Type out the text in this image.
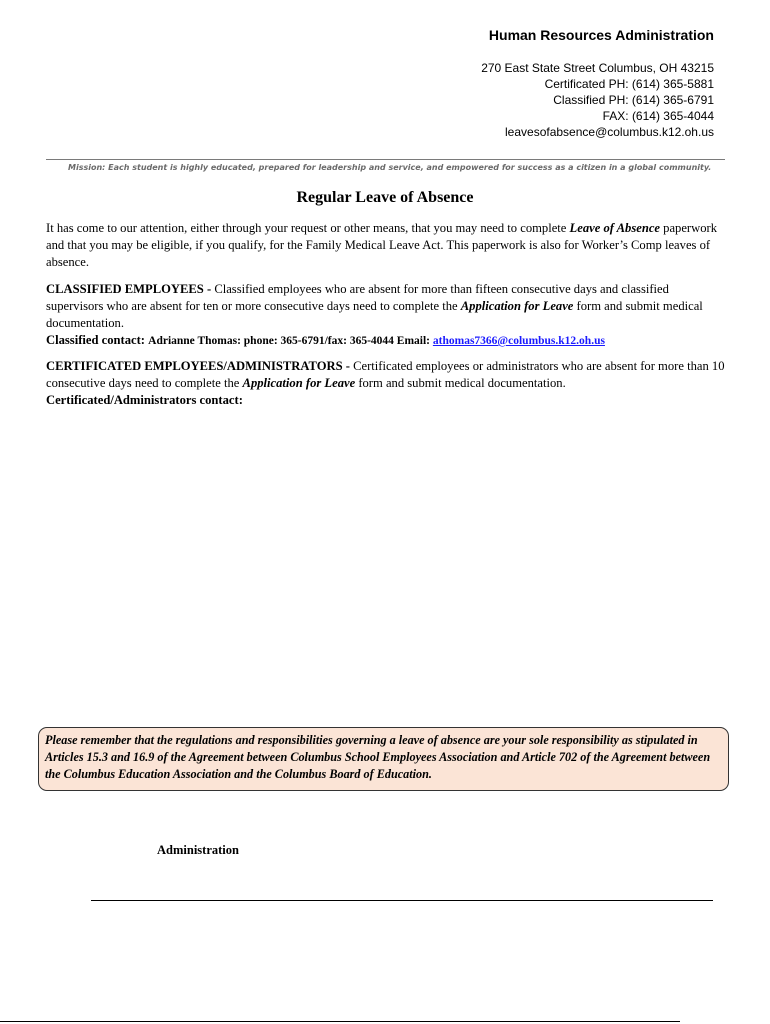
Human Resources Administration
270 East State Street Columbus, OH 43215
Certificated PH: (614) 365-5881
Classified PH: (614) 365-6791
FAX: (614) 365-4044
leavesofabsence@columbus.k12.oh.us
Mission: Each student is highly educated, prepared for leadership and service, and empowered for success as a citizen in a global community.
Regular Leave of Absence
It has come to our attention, either through your request or other means, that you may need to complete Leave of Absence paperwork and that you may be eligible, if you qualify, for the Family Medical Leave Act. This paperwork is also for Worker’s Comp leaves of absence.
CLASSIFIED EMPLOYEES - Classified employees who are absent for more than fifteen consecutive days and classified supervisors who are absent for ten or more consecutive days need to complete the Application for Leave form and submit medical documentation.
Classified contact: Adrianne Thomas: phone: 365-6791/fax: 365-4044 Email: athomas7366@columbus.k12.oh.us
CERTIFICATED EMPLOYEES/ADMINISTRATORS - Certificated employees or administrators who are absent for more than 10 consecutive days need to complete the Application for Leave form and submit medical documentation.
Certificated/Administrators contact:
Please remember that the regulations and responsibilities governing a leave of absence are your sole responsibility as stipulated in Articles 15.3 and 16.9 of the Agreement between Columbus School Employees Association and Article 702 of the Agreement between the Columbus Education Association and the Columbus Board of Education.
Administration
